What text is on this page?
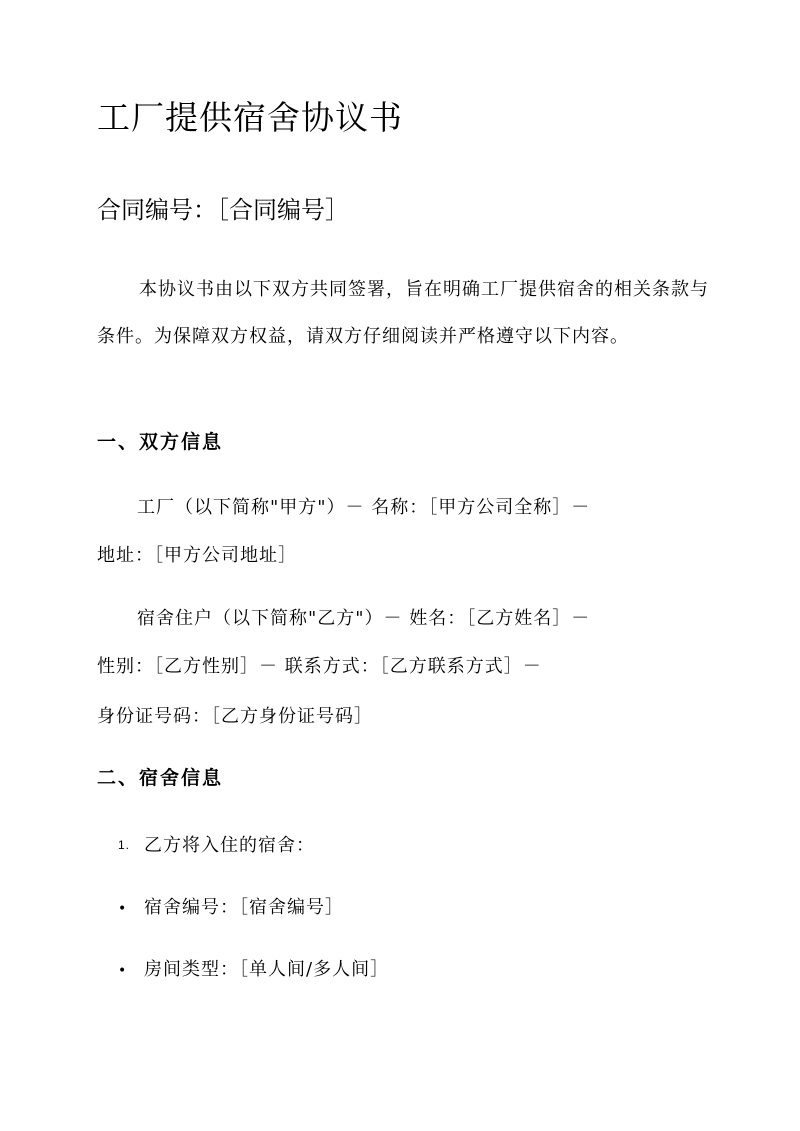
工厂提供宿舍协议书
合同编号：［合同编号］

本协议书由以下双方共同签署，旨在明确工厂提供宿舍的相关条款与条件。为保障双方权益，请双方仔细阅读并严格遵守以下内容。

一、双方信息

工厂（以下简称"甲方"）－ 名称：［甲方公司全称］－

地址：［甲方公司地址］

宿舍住户（以下简称"乙方"）－ 姓名：［乙方姓名］－

性别：［乙方性别］－ 联系方式：［乙方联系方式］－

身份证号码：［乙方身份证号码］

二、宿舍信息

1. 乙方将入住的宿舍：

• 宿舍编号：［宿舍编号］

• 房间类型：［单人间/多人间］
